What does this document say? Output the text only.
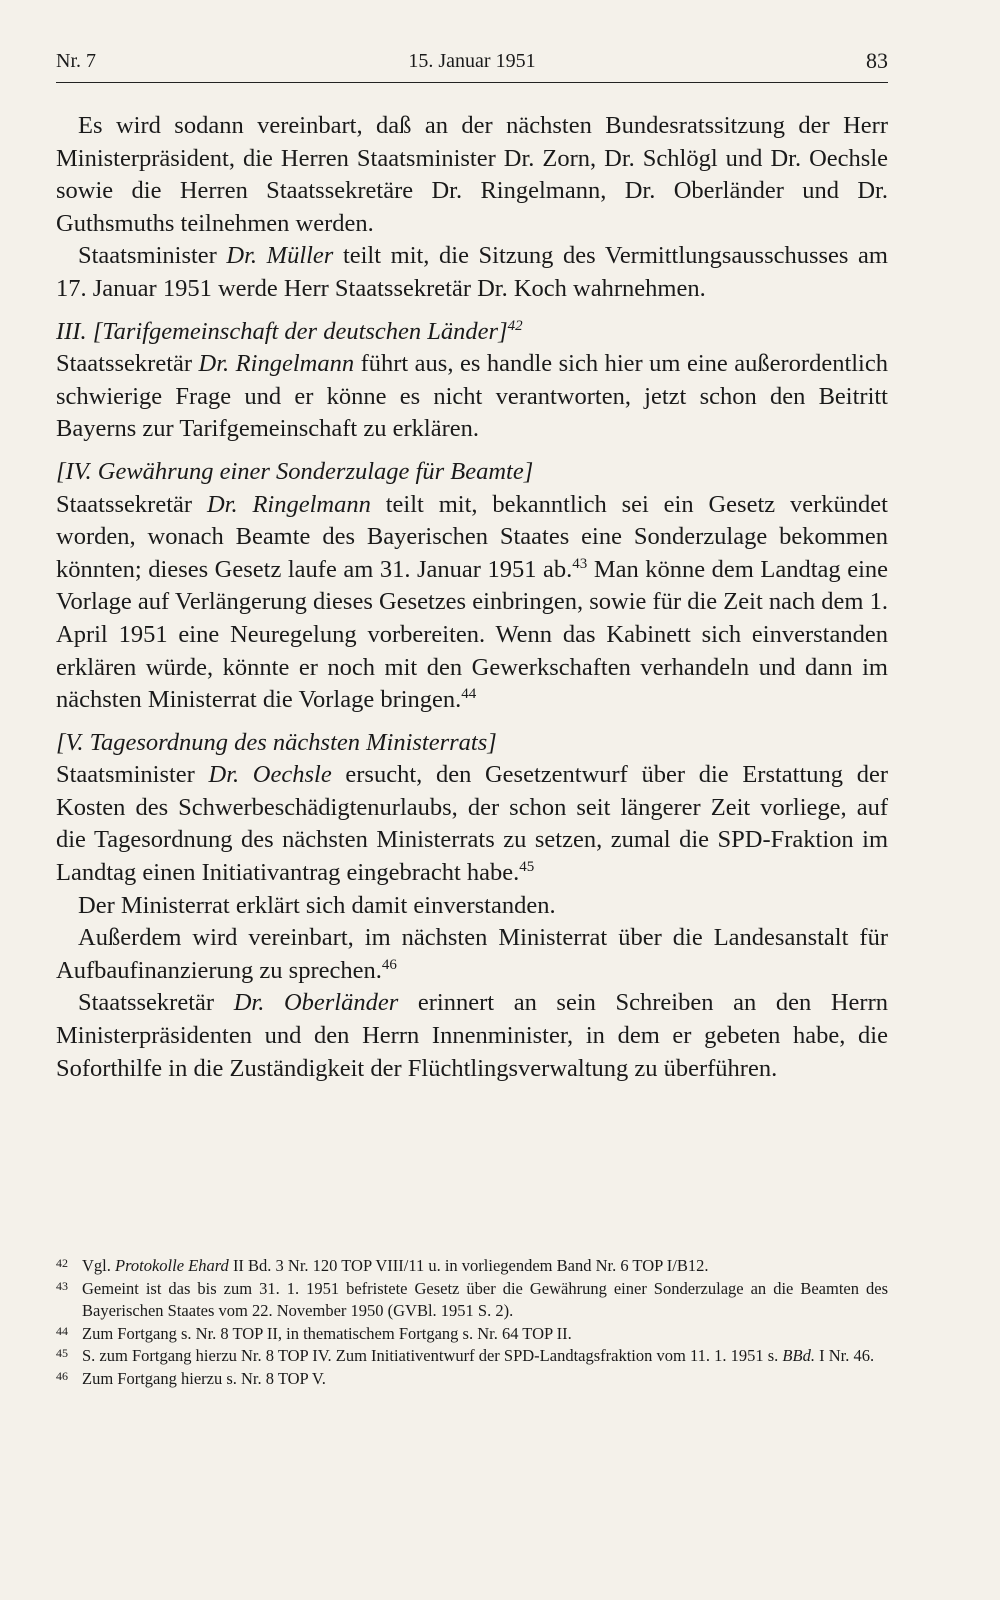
Nr. 7	15. Januar 1951	83

Es wird sodann vereinbart, daß an der nächsten Bundesratssitzung der Herr Ministerpräsident, die Herren Staatsminister Dr. Zorn, Dr. Schlögl und Dr. Oechsle sowie die Herren Staatssekretäre Dr. Ringelmann, Dr. Oberländer und Dr. Guthsmuths teilnehmen werden.

Staatsminister Dr. Müller teilt mit, die Sitzung des Vermittlungsausschusses am 17. Januar 1951 werde Herr Staatssekretär Dr. Koch wahrnehmen.

III. [Tarifgemeinschaft der deutschen Länder]$^{42}$

Staatssekretär Dr. Ringelmann führt aus, es handle sich hier um eine außerordentlich schwierige Frage und er könne es nicht verantworten, jetzt schon den Beitritt Bayerns zur Tarifgemeinschaft zu erklären.

[IV. Gewährung einer Sonderzulage für Beamte]

Staatssekretär Dr. Ringelmann teilt mit, bekanntlich sei ein Gesetz verkündet worden, wonach Beamte des Bayerischen Staates eine Sonderzulage bekommen könnten; dieses Gesetz laufe am 31. Januar 1951 ab.$^{43}$ Man könne dem Landtag eine Vorlage auf Verlängerung dieses Gesetzes einbringen, sowie für die Zeit nach dem 1. April 1951 eine Neuregelung vorbereiten. Wenn das Kabinett sich einverstanden erklären würde, könnte er noch mit den Gewerkschaften verhandeln und dann im nächsten Ministerrat die Vorlage bringen.$^{44}$

[V. Tagesordnung des nächsten Ministerrats]

Staatsminister Dr. Oechsle ersucht, den Gesetzentwurf über die Erstattung der Kosten des Schwerbeschädigtenurlaubs, der schon seit längerer Zeit vorliege, auf die Tagesordnung des nächsten Ministerrats zu setzen, zumal die SPD-Fraktion im Landtag einen Initiativantrag eingebracht habe.$^{45}$

Der Ministerrat erklärt sich damit einverstanden.

Außerdem wird vereinbart, im nächsten Ministerrat über die Landesanstalt für Aufbaufinanzierung zu sprechen.$^{46}$

Staatssekretär Dr. Oberländer erinnert an sein Schreiben an den Herrn Ministerpräsidenten und den Herrn Innenminister, in dem er gebeten habe, die Soforthilfe in die Zuständigkeit der Flüchtlingsverwaltung zu überführen.

42 Vgl. Protokolle Ehard II Bd. 3 Nr. 120 TOP VIII/11 u. in vorliegendem Band Nr. 6 TOP I/B12.
43 Gemeint ist das bis zum 31. 1. 1951 befristete Gesetz über die Gewährung einer Sonderzulage an die Beamten des Bayerischen Staates vom 22. November 1950 (GVBl. 1951 S. 2).
44 Zum Fortgang s. Nr. 8 TOP II, in thematischem Fortgang s. Nr. 64 TOP II.
45 S. zum Fortgang hierzu Nr. 8 TOP IV. Zum Initiativentwurf der SPD-Landtagsfraktion vom 11. 1. 1951 s. BBd. I Nr. 46.
46 Zum Fortgang hierzu s. Nr. 8 TOP V.
